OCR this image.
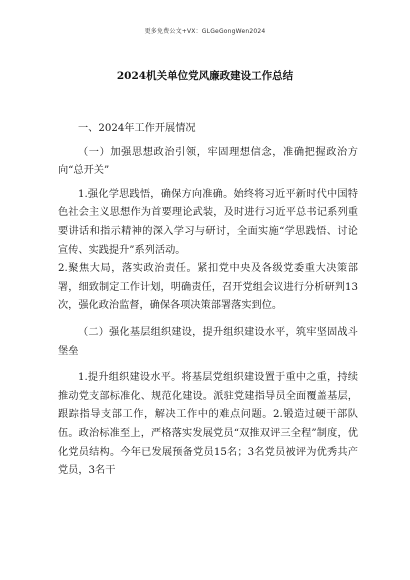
更多免费公文+VX：GLGeGongWen2024
2024机关单位党风廉政建设工作总结

一、2024年工作开展情况

（一）加强思想政治引领，牢固理想信念，准确把握政治方向“总开关”

1.强化学思践悟，确保方向准确。始终将习近平新时代中国特色社会主义思想作为首要理论武装，及时进行习近平总书记系列重要讲话和指示精神的深入学习与研讨，全面实施“学思践悟、讨论宣传、实践提升”系列活动。

2.聚焦大局，落实政治责任。紧扣党中央及各级党委重大决策部署，细致制定工作计划，明确责任，召开党组会议进行分析研判13次，强化政治监督，确保各项决策部署落实到位。

（二）强化基层组织建设，提升组织建设水平，筑牢坚固战斗堡垒

1.提升组织建设水平。将基层党组织建设置于重中之重，持续推动党支部标准化、规范化建设。派驻党建指导员全面覆盖基层，跟踪指导支部工作，解决工作中的难点问题。2.锻造过硬干部队伍。政治标准至上，严格落实发展党员“双推双评三全程”制度，优化党员结构。今年已发展预备党员15名；3名党员被评为优秀共产党员，3名干
